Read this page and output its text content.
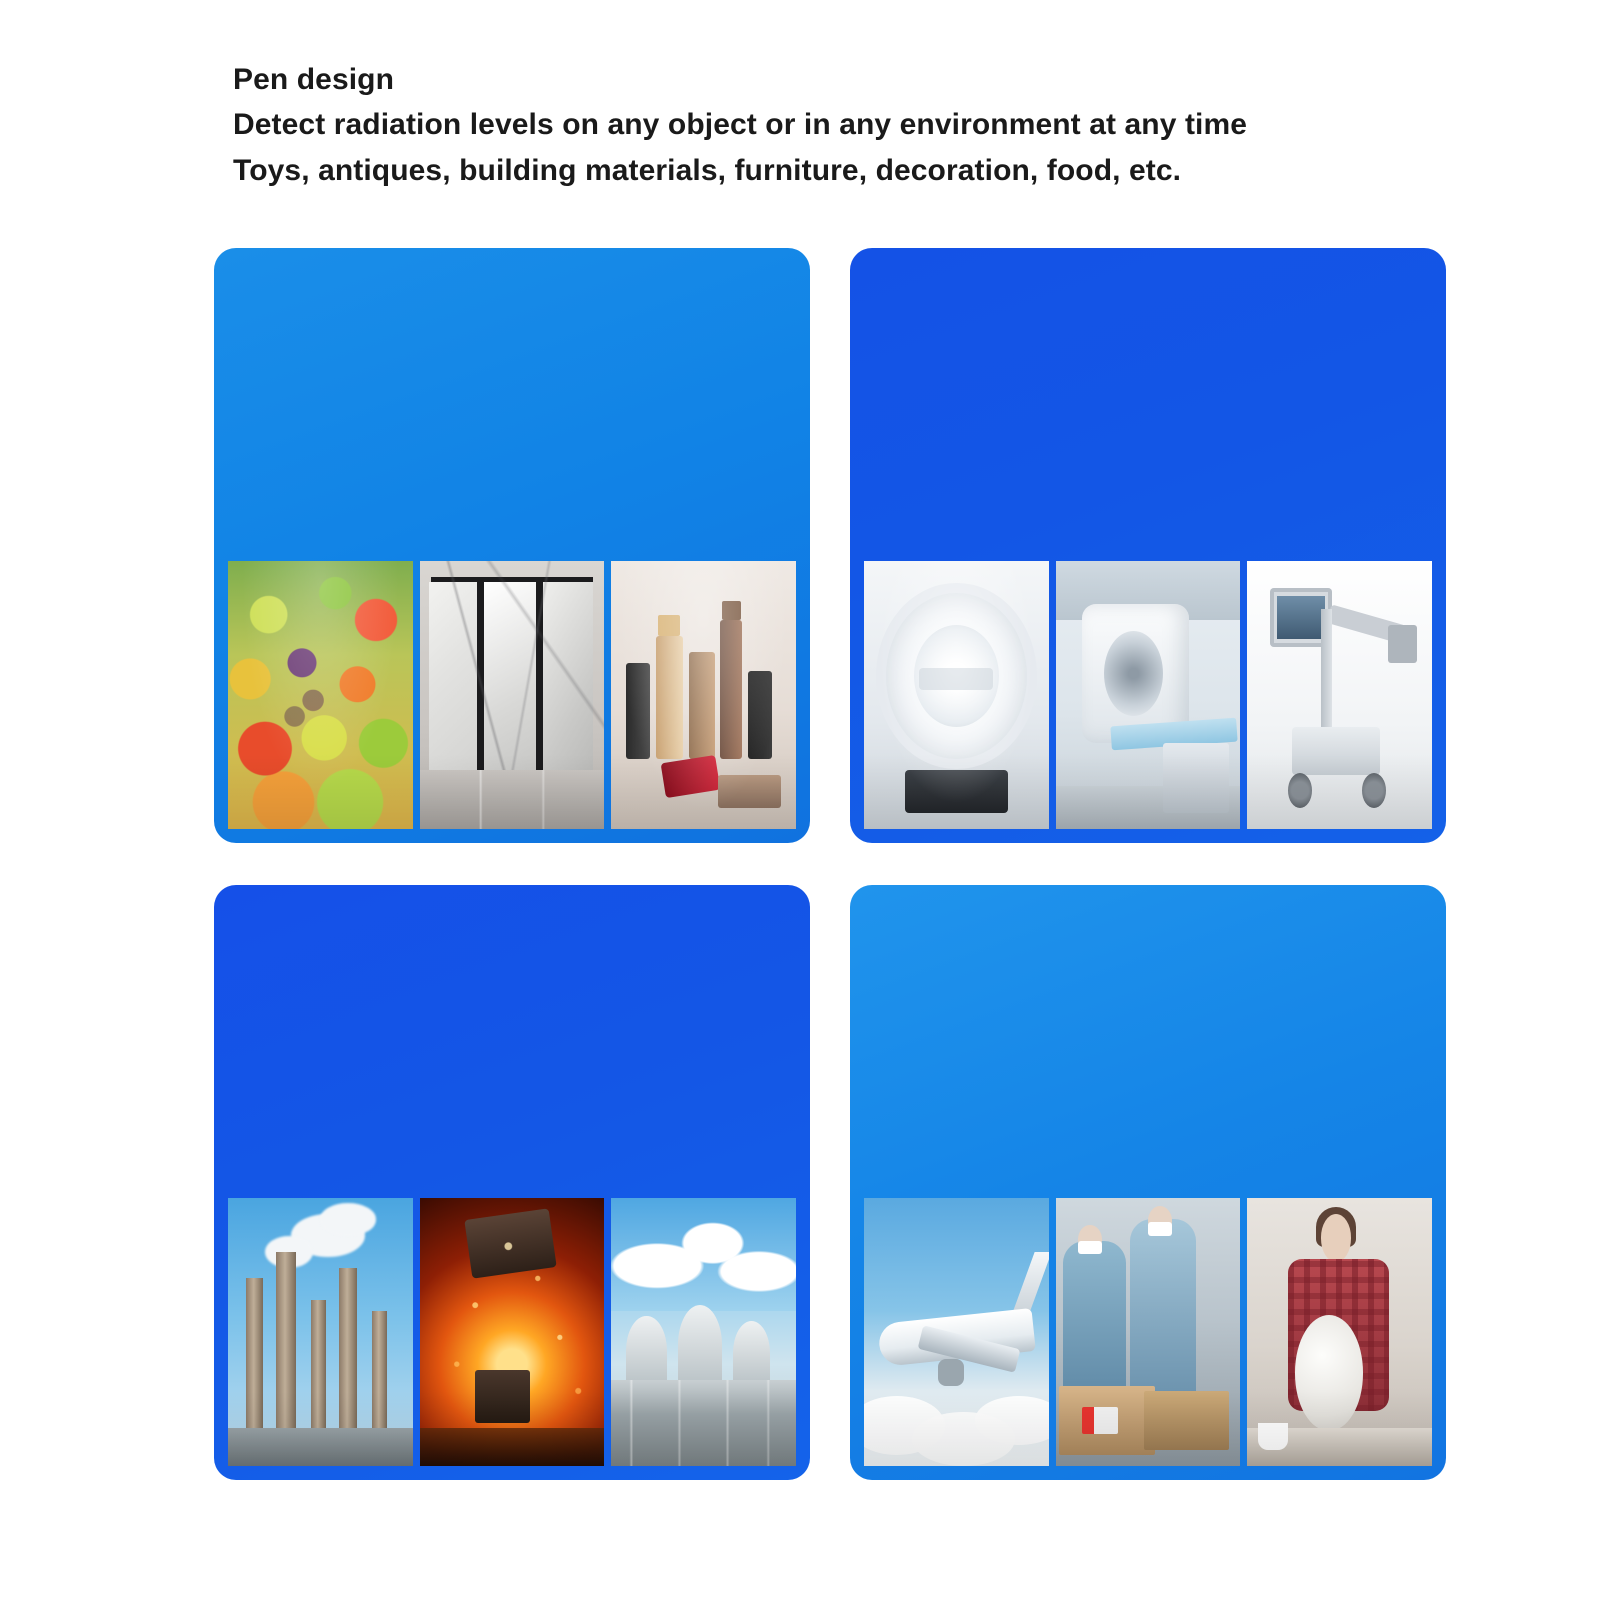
Pen design
Detect radiation levels on any object or in any environment at any time
Toys, antiques, building materials, furniture, decoration, food, etc.
